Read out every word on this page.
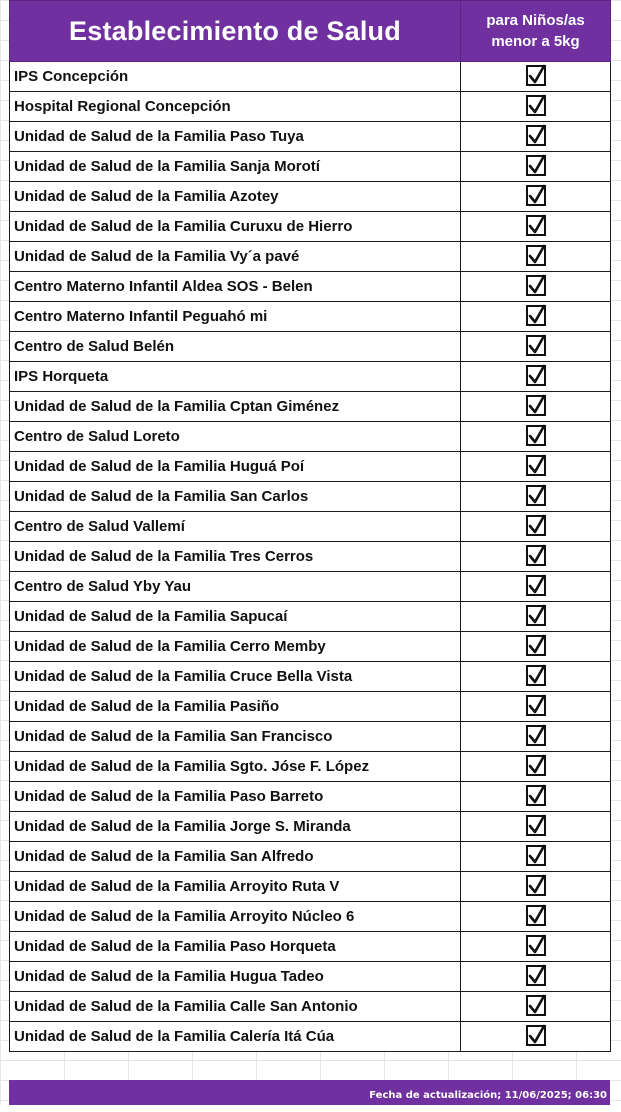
Establecimiento de Salud	para Niños/as
menor a 5kg

IPS Concepción	

Hospital Regional Concepción	

Unidad de Salud de la Familia Paso Tuya	

Unidad de Salud de la Familia Sanja Morotí	

Unidad de Salud de la Familia Azotey	

Unidad de Salud de la Familia Curuxu de Hierro	

Unidad de Salud de la Familia Vy´a pavé	

Centro Materno Infantil Aldea SOS - Belen	

Centro Materno Infantil Peguahó mi	

Centro de Salud Belén	

IPS Horqueta	

Unidad de Salud de la Familia Cptan Giménez	

Centro de Salud Loreto	

Unidad de Salud de la Familia Huguá Poí	

Unidad de Salud de la Familia San Carlos	

Centro de Salud Vallemí	

Unidad de Salud de la Familia Tres Cerros	

Centro de Salud Yby Yau	

Unidad de Salud de la Familia Sapucaí	

Unidad de Salud de la Familia Cerro Memby	

Unidad de Salud de la Familia Cruce Bella Vista	

Unidad de Salud de la Familia Pasiño	

Unidad de Salud de la Familia San Francisco	

Unidad de Salud de la Familia Sgto. Jóse F. López	

Unidad de Salud de la Familia Paso Barreto	

Unidad de Salud de la Familia Jorge S. Miranda	

Unidad de Salud de la Familia San Alfredo	

Unidad de Salud de la Familia Arroyito Ruta V	

Unidad de Salud de la Familia Arroyito Núcleo 6	

Unidad de Salud de la Familia Paso Horqueta	

Unidad de Salud de la Familia Hugua Tadeo	

Unidad de Salud de la Familia Calle San Antonio	

Unidad de Salud de la Familia Calería Itá Cúa	
Fecha de actualización; 11/06/2025; 06:30
